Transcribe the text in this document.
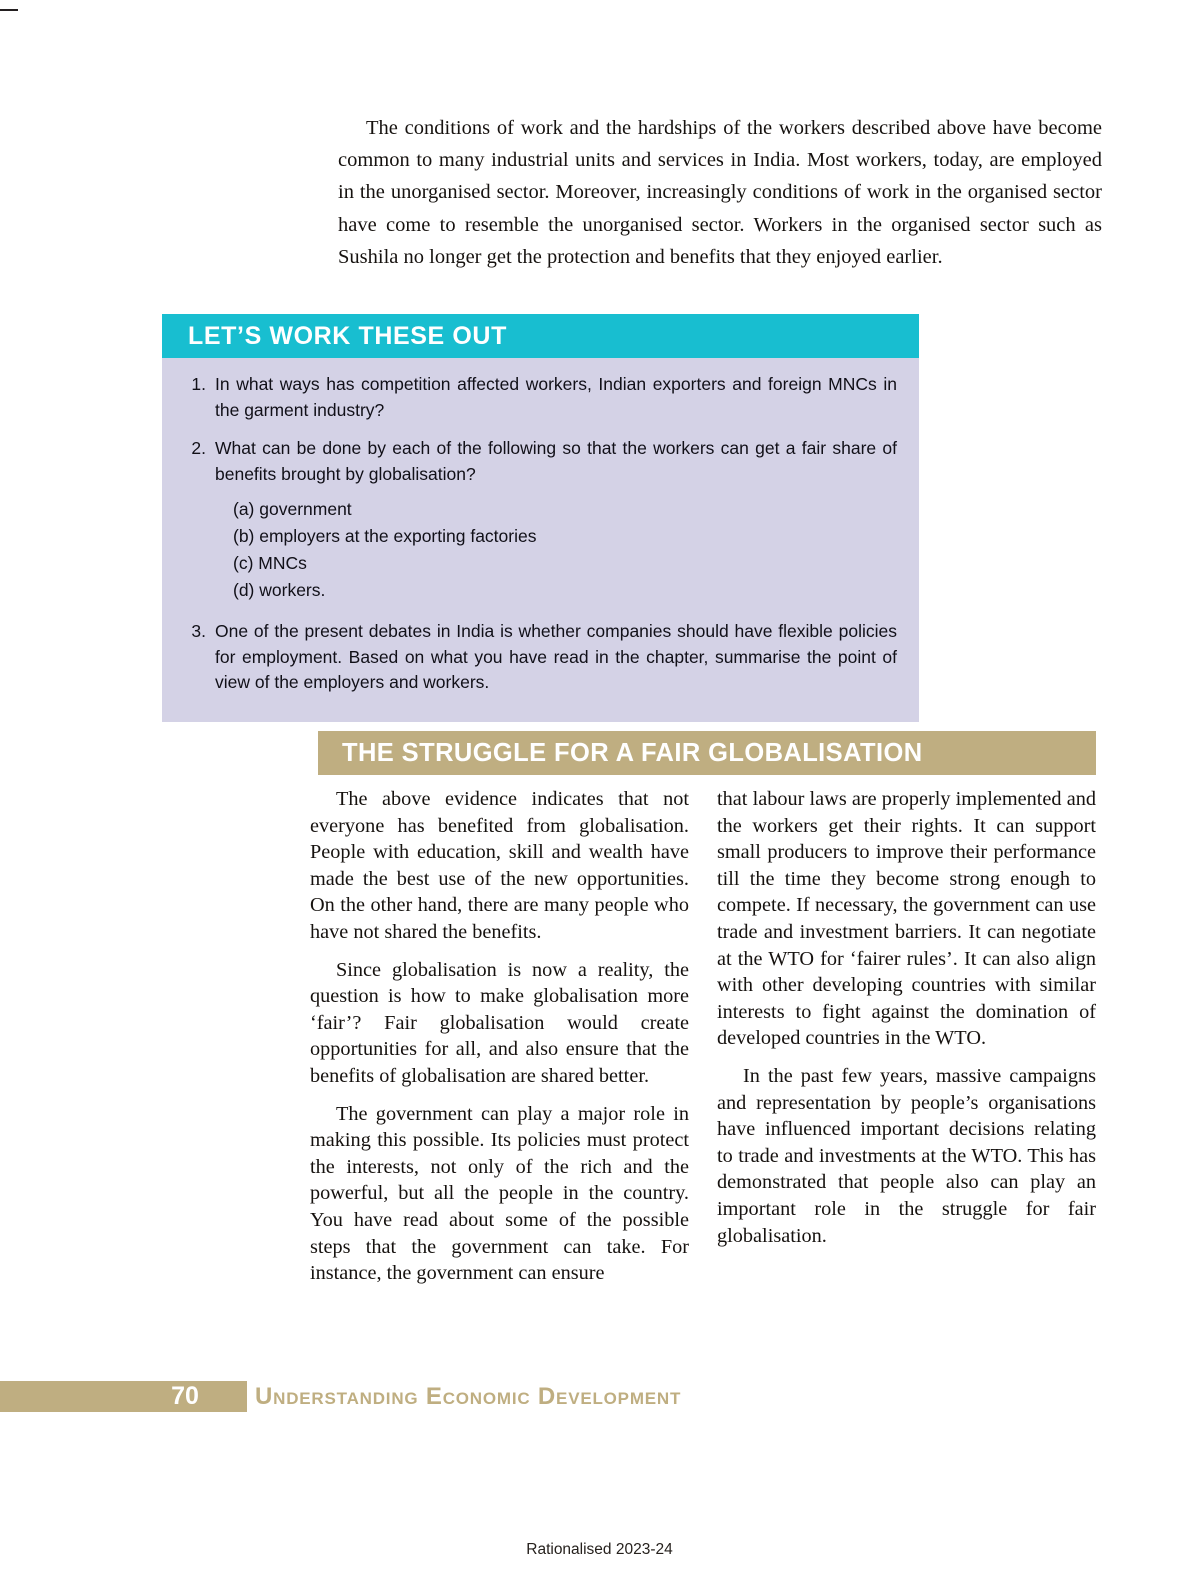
The conditions of work and the hardships of the workers described above have become common to many industrial units and services in India. Most workers, today, are employed in the unorganised sector. Moreover, increasingly conditions of work in the organised sector have come to resemble the unorganised sector. Workers in the organised sector such as Sushila no longer get the protection and benefits that they enjoyed earlier.

LET’S WORK THESE OUT
1. In what ways has competition affected workers, Indian exporters and foreign MNCs in the garment industry?
2. What can be done by each of the following so that the workers can get a fair share of benefits brought by globalisation?
(a) government
(b) employers at the exporting factories
(c) MNCs
(d) workers.
3. One of the present debates in India is whether companies should have flexible policies for employment. Based on what you have read in the chapter, summarise the point of view of the employers and workers.
THE STRUGGLE FOR A FAIR GLOBALISATION

The above evidence indicates that not everyone has benefited from globalisation. People with education, skill and wealth have made the best use of the new opportunities. On the other hand, there are many people who have not shared the benefits.

Since globalisation is now a reality, the question is how to make globalisation more ‘fair’? Fair globalisation would create opportunities for all, and also ensure that the benefits of globalisation are shared better.

The government can play a major role in making this possible. Its policies must protect the interests, not only of the rich and the powerful, but all the people in the country. You have read about some of the possible steps that the government can take. For instance, the government can ensure

that labour laws are properly implemented and the workers get their rights. It can support small producers to improve their performance till the time they become strong enough to compete. If necessary, the government can use trade and investment barriers. It can negotiate at the WTO for ‘fairer rules’. It can also align with other developing countries with similar interests to fight against the domination of developed countries in the WTO.

In the past few years, massive campaigns and representation by people’s organisations have influenced important decisions relating to trade and investments at the WTO. This has demonstrated that people also can play an important role in the struggle for fair globalisation.

70	Understanding Economic Development
Rationalised 2023-24
